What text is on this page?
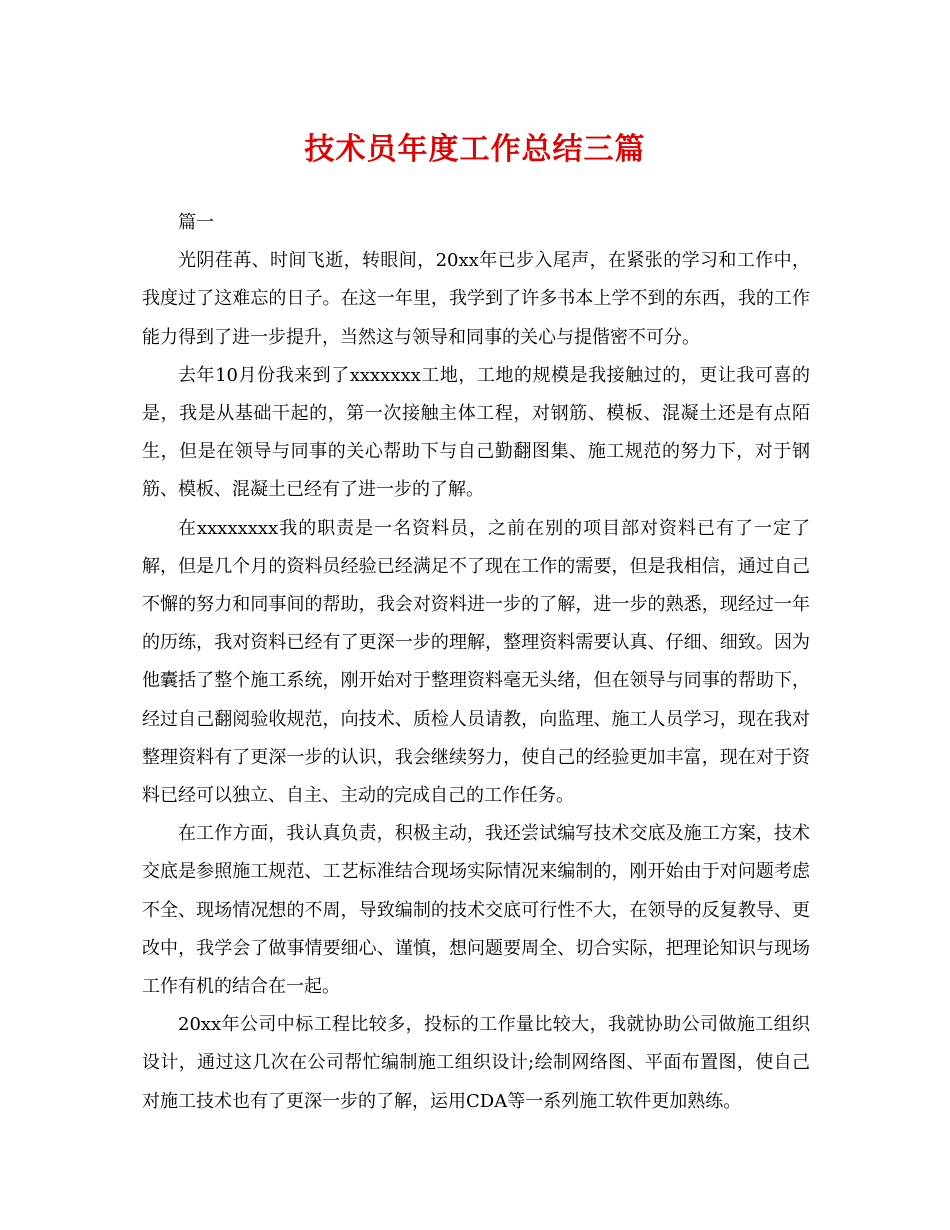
技术员年度工作总结三篇

篇一

光阴荏苒、时间飞逝，转眼间，20xx年已步入尾声，在紧张的学习和工作中，我度过了这难忘的日子。在这一年里，我学到了许多书本上学不到的东西，我的工作能力得到了进一步提升，当然这与领导和同事的关心与提偕密不可分。

去年10月份我来到了xxxxxxx工地，工地的规模是我接触过的，更让我可喜的是，我是从基础干起的，第一次接触主体工程，对钢筋、模板、混凝土还是有点陌生，但是在领导与同事的关心帮助下与自己勤翻图集、施工规范的努力下，对于钢筋、模板、混凝土已经有了进一步的了解。

在xxxxxxxx我的职责是一名资料员，之前在别的项目部对资料已有了一定了解，但是几个月的资料员经验已经满足不了现在工作的需要，但是我相信，通过自己不懈的努力和同事间的帮助，我会对资料进一步的了解，进一步的熟悉，现经过一年的历练，我对资料已经有了更深一步的理解，整理资料需要认真、仔细、细致。因为他囊括了整个施工系统，刚开始对于整理资料毫无头绪，但在领导与同事的帮助下，经过自己翻阅验收规范，向技术、质检人员请教，向监理、施工人员学习，现在我对整理资料有了更深一步的认识，我会继续努力，使自己的经验更加丰富，现在对于资料已经可以独立、自主、主动的完成自己的工作任务。

在工作方面，我认真负责，积极主动，我还尝试编写技术交底及施工方案，技术交底是参照施工规范、工艺标准结合现场实际情况来编制的，刚开始由于对问题考虑不全、现场情况想的不周，导致编制的技术交底可行性不大，在领导的反复教导、更改中，我学会了做事情要细心、谨慎，想问题要周全、切合实际，把理论知识与现场工作有机的结合在一起。

20xx年公司中标工程比较多，投标的工作量比较大，我就协助公司做施工组织设计，通过这几次在公司帮忙编制施工组织设计;绘制网络图、平面布置图，使自己对施工技术也有了更深一步的了解，运用CDA等一系列施工软件更加熟练。
